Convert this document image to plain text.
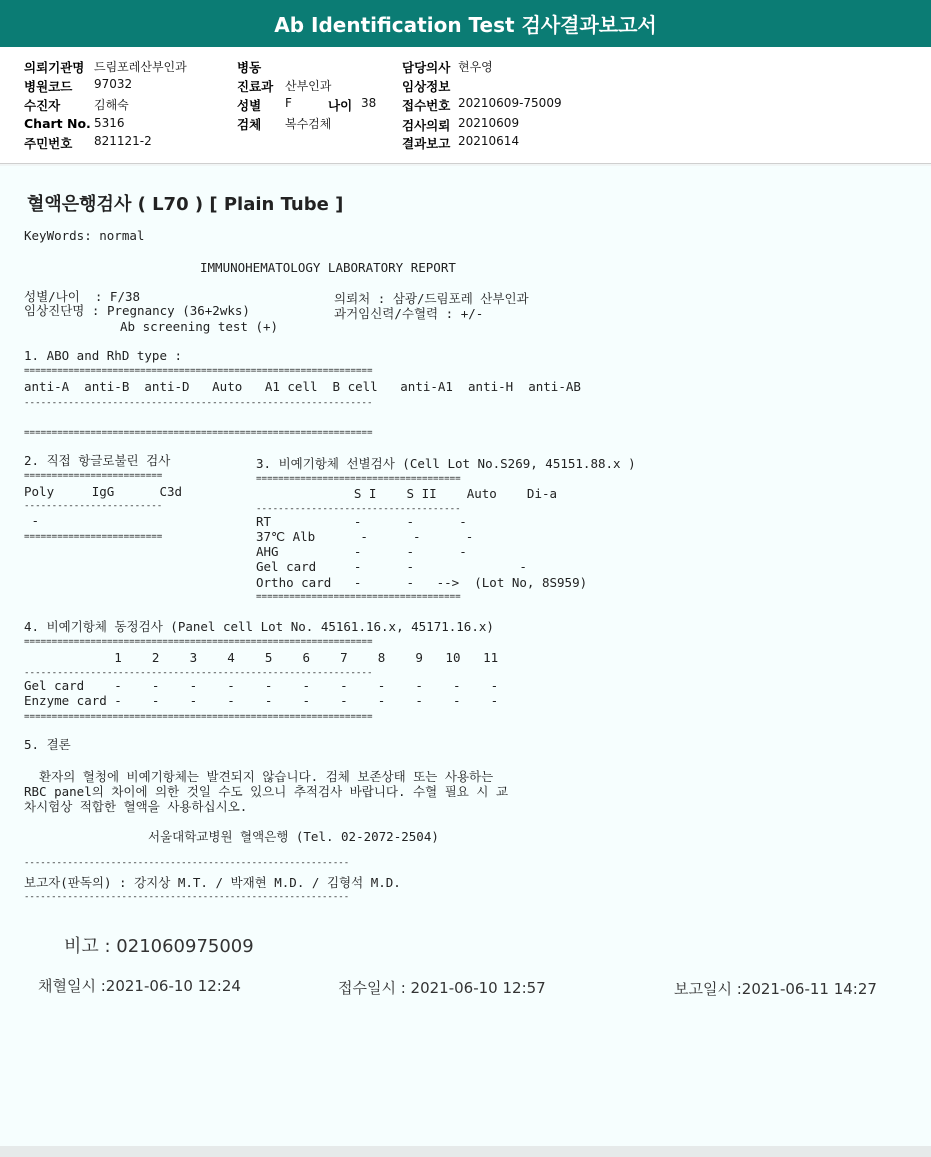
Ab Identification Test 검사결과보고서
의뢰기관명 드림포레산부인과
병원코드 97032
수진자	김해숙
Chart No. 5316
주민번호 821121-2
병동
진료과 산부인과
성별 F	나이 38
검체 복수검체
담당의사 현우영
임상정보
접수번호 20210609-75009
검사의뢰 20210609
결과보고 20210614
혈액은행검사 ( L70 ) [ Plain Tube ]
KeyWords: normal
IMMUNOHEMATOLOGY LABORATORY REPORT
성별/나이  : F/38
임상진단명 : Pregnancy (36+2wks)
Ab screening test (+)
의뢰처 : 삼광/드림포레 산부인과
과거임신력/수혈력 : +/-
1. ABO and RhD type :
===============================================================
anti-A  anti-B  anti-D   Auto   A1 cell  B cell   anti-A1  anti-H  anti-AB
---------------------------------------------------------------
===============================================================
2. 직접 항글로불린 검사
=========================
Poly     IgG      C3d
-------------------------
-
=========================
3. 비예기항체 선별검사 (Cell Lot No.S269, 45151.88.x )
=====================================
S I    S II    Auto    Di-a
-------------------------------------
RT           -      -      -
37℃ Alb      -      -      -
AHG          -      -      -
Gel card     -      -              -
Ortho card   -      -   -->  (Lot No, 8S959)
=====================================
4. 비예기항체 동정검사 (Panel cell Lot No. 45161.16.x, 45171.16.x)
===============================================================
1    2    3    4    5    6    7    8    9   10   11
---------------------------------------------------------------
Gel card    -    -    -    -    -    -    -    -    -    -    -
Enzyme card -    -    -    -    -    -    -    -    -    -    -
===============================================================
5. 결론
환자의 혈청에 비예기항체는 발견되지 않습니다. 검체 보존상태 또는 사용하는
RBC panel의 차이에 의한 것일 수도 있으니 추적검사 바랍니다. 수혈 필요 시 교
차시험상 적합한 혈액을 사용하십시오.
서울대학교병원 혈액은행 (Tel. 02-2072-2504)
------------------------------------------------------------
보고자(판독의) : 강지상 M.T. / 박재현 M.D. / 김형석 M.D.
------------------------------------------------------------
비고 : 021060975009
채혈일시 :2021-06-10 12:24	접수일시 : 2021-06-10 12:57	보고일시 :2021-06-11 14:27
